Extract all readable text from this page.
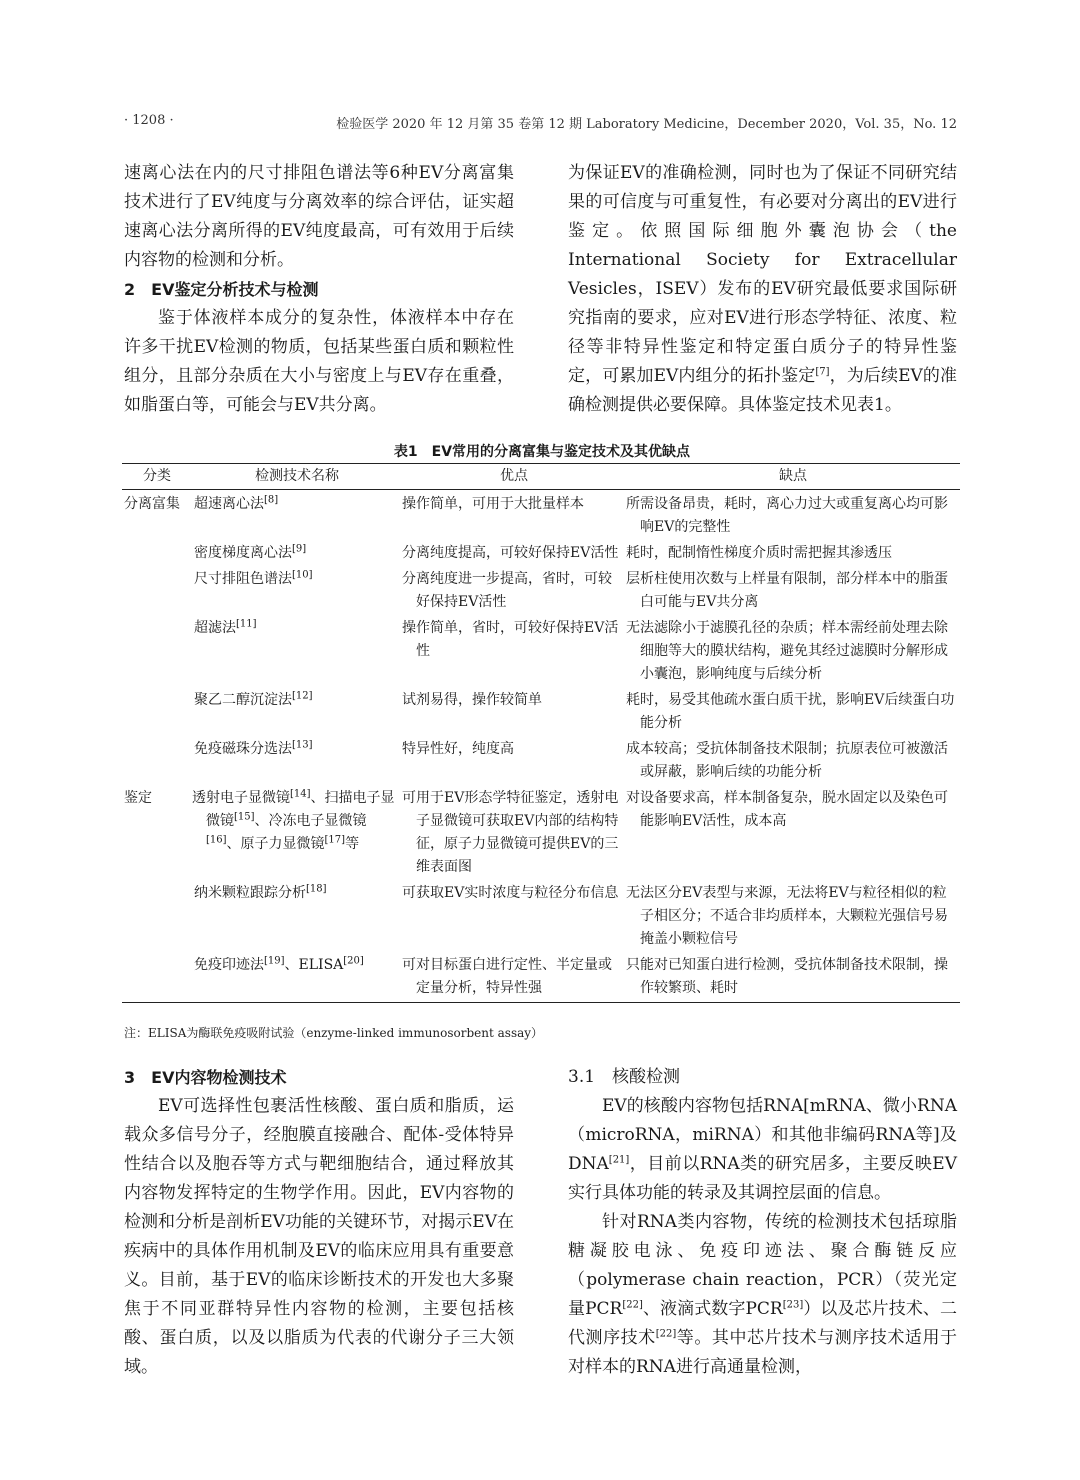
· 1208 ·	检验医学 2020 年 12 月第 35 卷第 12 期 Laboratory Medicine，December 2020，Vol. 35，No. 12

速离心法在内的尺寸排阻色谱法等6种EV分离富集技术进行了EV纯度与分离效率的综合评估，证实超速离心法分离所得的EV纯度最高，可有效用于后续内容物的检测和分析。

2　EV鉴定分析技术与检测

鉴于体液样本成分的复杂性，体液样本中存在许多干扰EV检测的物质，包括某些蛋白质和颗粒性组分，且部分杂质在大小与密度上与EV存在重叠，如脂蛋白等，可能会与EV共分离。

为保证EV的准确检测，同时也为了保证不同研究结果的可信度与可重复性，有必要对分离出的EV进行鉴定。依照国际细胞外囊泡协会（the International Society for Extracellular Vesicles，ISEV）发布的EV研究最低要求国际研究指南的要求，应对EV进行形态学特征、浓度、粒径等非特异性鉴定和特定蛋白质分子的特异性鉴定，可累加EV内组分的拓扑鉴定[7]，为后续EV的准确检测提供必要保障。具体鉴定技术见表1。

表1　EV常用的分离富集与鉴定技术及其优缺点
分类	检测技术名称	优点	缺点
分离富集	超速离心法[8]	操作简单，可用于大批量样本	所需设备昂贵，耗时，离心力过大或重复离心均可影响EV的完整性
	密度梯度离心法[9]	分离纯度提高，可较好保持EV活性	耗时，配制惰性梯度介质时需把握其渗透压
	尺寸排阻色谱法[10]	分离纯度进一步提高，省时，可较好保持EV活性	层析柱使用次数与上样量有限制，部分样本中的脂蛋白可能与EV共分离
	超滤法[11]	操作简单，省时，可较好保持EV活性	无法滤除小于滤膜孔径的杂质；样本需经前处理去除细胞等大的膜状结构，避免其经过滤膜时分解形成小囊泡，影响纯度与后续分析
	聚乙二醇沉淀法[12]	试剂易得，操作较简单	耗时，易受其他疏水蛋白质干扰，影响EV后续蛋白功能分析
	免疫磁珠分选法[13]	特异性好，纯度高	成本较高；受抗体制备技术限制；抗原表位可被激活或屏蔽，影响后续的功能分析
鉴定	透射电子显微镜[14]、扫描电子显微镜[15]、冷冻电子显微镜[16]、原子力显微镜[17]等	可用于EV形态学特征鉴定，透射电子显微镜可获取EV内部的结构特征，原子力显微镜可提供EV的三维表面图	对设备要求高，样本制备复杂，脱水固定以及染色可能影响EV活性，成本高
	纳米颗粒跟踪分析[18]	可获取EV实时浓度与粒径分布信息	无法区分EV表型与来源，无法将EV与粒径相似的粒子相区分；不适合非均质样本，大颗粒光强信号易掩盖小颗粒信号
	免疫印迹法[19]、ELISA[20]	可对目标蛋白进行定性、半定量或定量分析，特异性强	只能对已知蛋白进行检测，受抗体制备技术限制，操作较繁琐、耗时
注：ELISA为酶联免疫吸附试验（enzyme-linked immunosorbent assay）

3　EV内容物检测技术

EV可选择性包裹活性核酸、蛋白质和脂质，运载众多信号分子，经胞膜直接融合、配体-受体特异性结合以及胞吞等方式与靶细胞结合，通过释放其内容物发挥特定的生物学作用。因此，EV内容物的检测和分析是剖析EV功能的关键环节，对揭示EV在疾病中的具体作用机制及EV的临床应用具有重要意义。目前，基于EV的临床诊断技术的开发也大多聚焦于不同亚群特异性内容物的检测，主要包括核酸、蛋白质，以及以脂质为代表的代谢分子三大领域。

3.1　核酸检测

EV的核酸内容物包括RNA[mRNA、微小RNA（microRNA，miRNA）和其他非编码RNA等]及DNA[21]，目前以RNA类的研究居多，主要反映EV实行具体功能的转录及其调控层面的信息。

针对RNA类内容物，传统的检测技术包括琼脂糖凝胶电泳、免疫印迹法、聚合酶链反应（polymerase chain reaction，PCR）（荧光定量PCR[22]、液滴式数字PCR[23]）以及芯片技术、二代测序技术[22]等。其中芯片技术与测序技术适用于对样本的RNA进行高通量检测，
